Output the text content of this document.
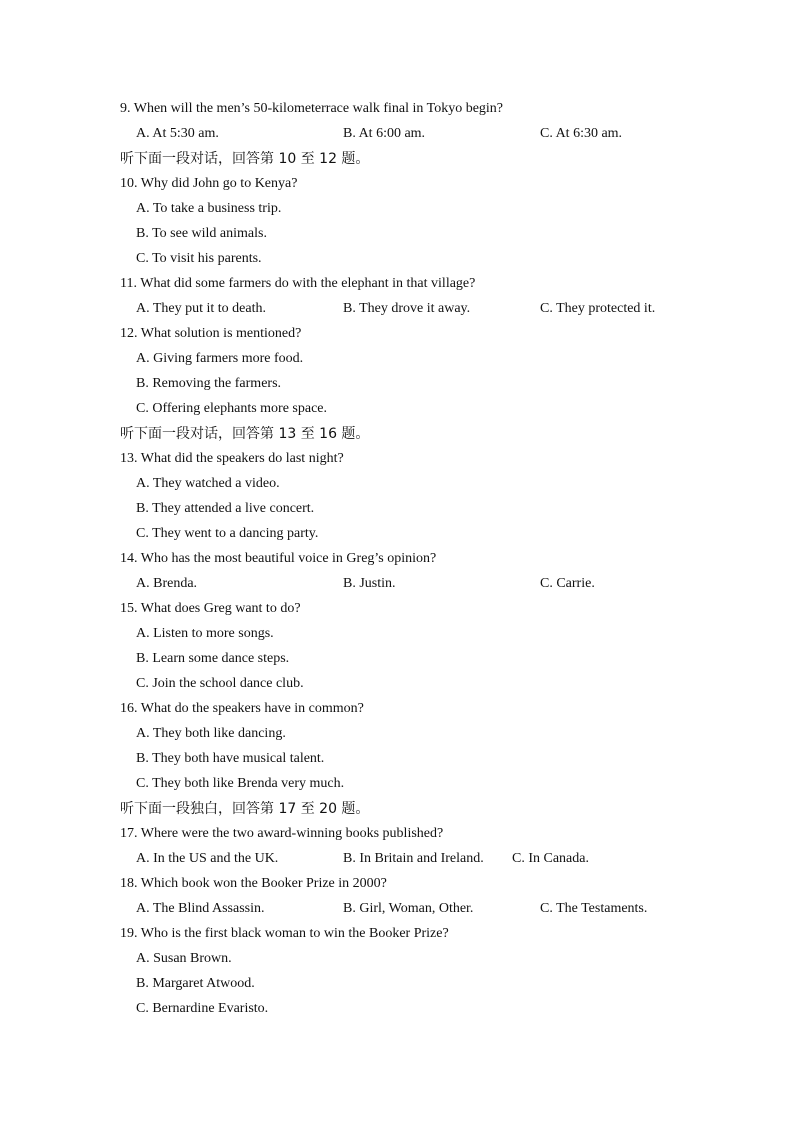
9. When will the men’s 50-kilometerrace walk final in Tokyo begin?
A. At 5:30 am.	B. At 6:00 am.	C. At 6:30 am.
听下面一段对话，回答第 10 至 12 题。
10. Why did John go to Kenya?
A. To take a business trip.
B. To see wild animals.
C. To visit his parents.
11. What did some farmers do with the elephant in that village?
A. They put it to death.	B. They drove it away.	C. They protected it.
12. What solution is mentioned?
A. Giving farmers more food.
B. Removing the farmers.
C. Offering elephants more space.
听下面一段对话，回答第 13 至 16 题。
13. What did the speakers do last night?
A. They watched a video.
B. They attended a live concert.
C. They went to a dancing party.
14. Who has the most beautiful voice in Greg’s opinion?
A. Brenda.	B. Justin.	C. Carrie.
15. What does Greg want to do?
A. Listen to more songs.
B. Learn some dance steps.
C. Join the school dance club.
16. What do the speakers have in common?
A. They both like dancing.
B. They both have musical talent.
C. They both like Brenda very much.
听下面一段独白，回答第 17 至 20 题。
17. Where were the two award-winning books published?
A. In the US and the UK.	B. In Britain and Ireland. C. In Canada.
18. Which book won the Booker Prize in 2000?
A. The Blind Assassin.	B. Girl, Woman, Other.	C. The Testaments.
19. Who is the first black woman to win the Booker Prize?
A. Susan Brown.
B. Margaret Atwood.
C. Bernardine Evaristo.
